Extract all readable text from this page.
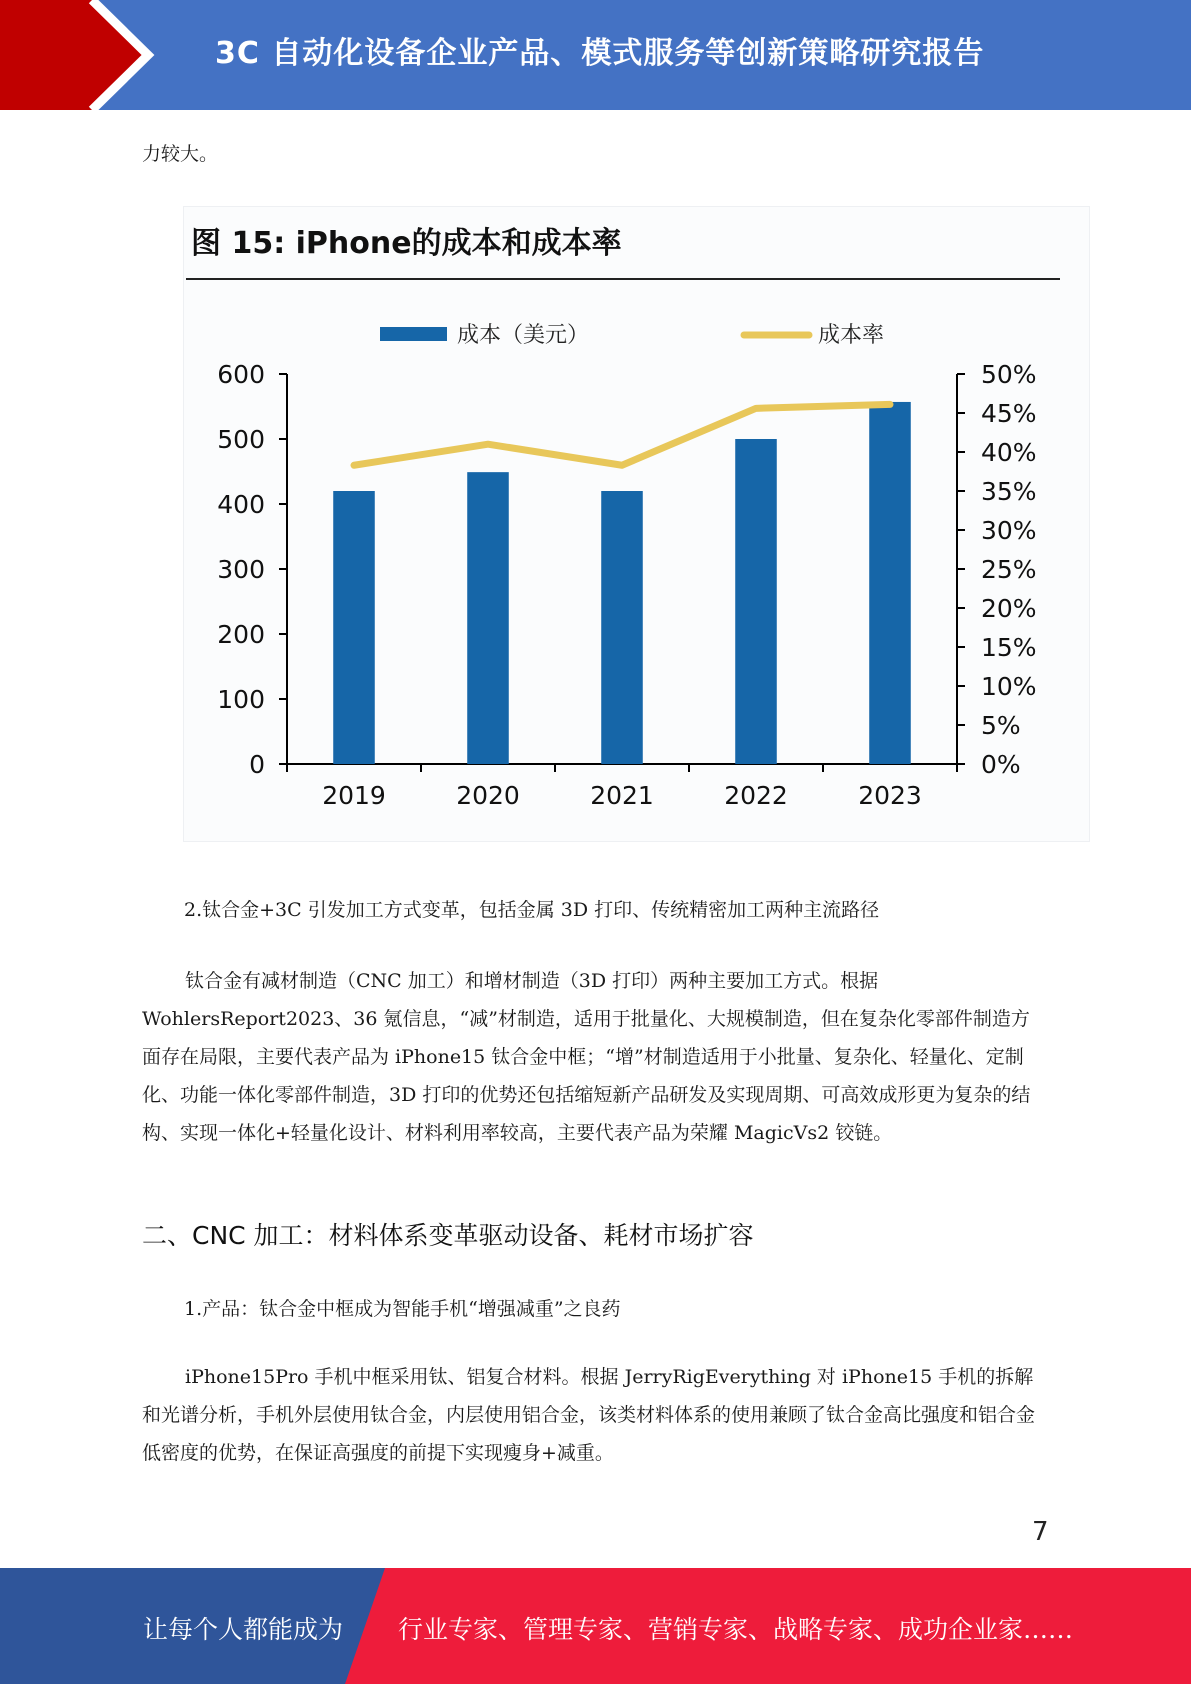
3C 自动化设备企业产品、模式服务等创新策略研究报告
力较大。
图 15: iPhone的成本和成本率
成本（美元）	成本率
0
100
200
300
400
500
600
0%
5%
10%
15%
20%
25%
30%
35%
40%
45%
50%
2019	2020	2021	2022	2023
2.钛合金+3C 引发加工方式变革，包括金属 3D 打印、传统精密加工两种主流路径
钛合金有减材制造（CNC 加工）和增材制造（3D 打印）两种主要加工方式。根据 WohlersReport2023、36 氪信息，“减”材制造，适用于批量化、大规模制造，但在复杂化零部件制造方面存在局限，主要代表产品为 iPhone15 钛合金中框；“增”材制造适用于小批量、复杂化、轻量化、定制化、功能一体化零部件制造，3D 打印的优势还包括缩短新产品研发及实现周期、可高效成形更为复杂的结构、实现一体化+轻量化设计、材料利用率较高，主要代表产品为荣耀 MagicVs2 铰链。
二、CNC 加工：材料体系变革驱动设备、耗材市场扩容
1.产品：钛合金中框成为智能手机“增强减重”之良药
iPhone15Pro 手机中框采用钛、铝复合材料。根据 JerryRigEverything 对 iPhone15 手机的拆解和光谱分析，手机外层使用钛合金，内层使用铝合金，该类材料体系的使用兼顾了钛合金高比强度和铝合金低密度的优势，在保证高强度的前提下实现瘦身+减重。
7
让每个人都能成为 行业专家、管理专家、营销专家、战略专家、成功企业家……
